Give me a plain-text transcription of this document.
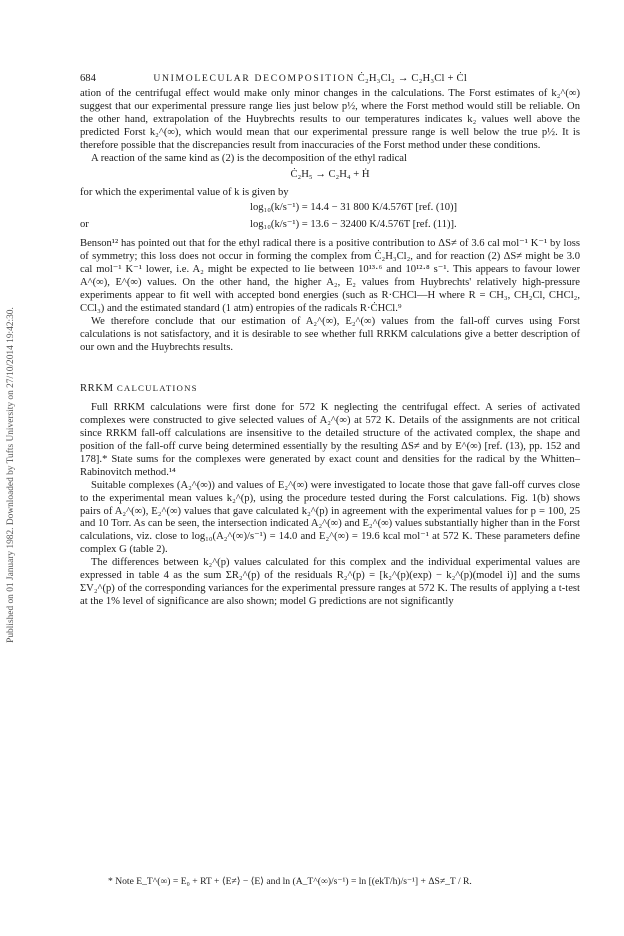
Published on 01 January 1982. Downloaded by Tufts University on 27/10/2014 19:42:30.
684	UNIMOLECULAR DECOMPOSITION Ċ₂H₃Cl₂ → C₂H₃Cl + Ċl

ation of the centrifugal effect would make only minor changes in the calculations. The Forst estimates of k₂^(∞) suggest that our experimental pressure range lies just below p½, where the Forst method would still be reliable. On the other hand, extrapolation of the Huybrechts results to our temperatures indicates k₂ values well above the predicted Forst k₂^(∞), which would mean that our experimental pressure range is well below the true p½. It is therefore possible that the discrepancies result from inaccuracies of the Forst method under these conditions.

A reaction of the same kind as (2) is the decomposition of the ethyl radical

Ċ₂H₅ → C₂H₄ + Ḣ

for which the experimental value of k is given by

log₁₀(k/s⁻¹) = 14.4 − 31 800 K/4.576T [ref. (10)]
or	log₁₀(k/s⁻¹) = 13.6 − 32400 K/4.576T [ref. (11)].

Benson¹² has pointed out that for the ethyl radical there is a positive contribution to ΔS≠ of 3.6 cal mol⁻¹ K⁻¹ by loss of symmetry; this loss does not occur in forming the complex from Ċ₂H₃Cl₂, and for reaction (2) ΔS≠ might be 3.0 cal mol⁻¹ K⁻¹ lower, i.e. A₂ might be expected to lie between 10¹³·⁶ and 10¹²·⁸ s⁻¹. This appears to favour lower A^(∞), E^(∞) values. On the other hand, the higher A₂, E₂ values from Huybrechts' relatively high-pressure experiments appear to fit well with accepted bond energies (such as R·CHCl—H where R = CH₃, CH₂Cl, CHCl₂, CCl₃) and the estimated standard (1 atm) entropies of the radicals R·ĊHCl.⁹

We therefore conclude that our estimation of A₂^(∞), E₂^(∞) values from the fall-off curves using Forst calculations is not satisfactory, and it is desirable to see whether full RRKM calculations give a better description of our own and the Huybrechts results.

RRKM CALCULATIONS

Full RRKM calculations were first done for 572 K neglecting the centrifugal effect. A series of activated complexes were constructed to give selected values of A₂^(∞) at 572 K. Details of the assignments are not critical since RRKM fall-off calculations are insensitive to the detailed structure of the activated complex, the shape and position of the fall-off curve being determined essentially by the resulting ΔS≠ and by E^(∞) [ref. (13), pp. 152 and 178].* State sums for the complexes were generated by exact count and densities for the radical by the Whitten–Rabinovitch method.¹⁴

Suitable complexes (A₂^(∞)) and values of E₂^(∞) were investigated to locate those that gave fall-off curves close to the experimental mean values k₂^(p), using the procedure tested during the Forst calculations. Fig. 1(b) shows pairs of A₂^(∞), E₂^(∞) values that gave calculated k₂^(p) in agreement with the experimental values for p = 100, 25 and 10 Torr. As can be seen, the intersection indicated A₂^(∞) and E₂^(∞) values substantially higher than in the Forst calculations, viz. close to log₁₀(A₂^(∞)/s⁻¹) = 14.0 and E₂^(∞) = 19.6 kcal mol⁻¹ at 572 K. These parameters define complex G (table 2).

The differences between k₂^(p) values calculated for this complex and the individual experimental values are expressed in table 4 as the sum ΣR₂^(p) of the residuals R₂^(p) = [k₂^(p)(exp) − k₂^(p)(model i)] and the sums ΣV₂^(p) of the corresponding variances for the experimental pressure ranges at 572 K. The results of applying a t-test at the 1% level of significance are also shown; model G predictions are not significantly

* Note E_T^(∞) = E₀ + RT + ⟨E≠⟩ − ⟨E⟩ and ln (A_T^(∞)/s⁻¹) = ln [(ekT/h)/s⁻¹] + ΔS≠_T / R.
